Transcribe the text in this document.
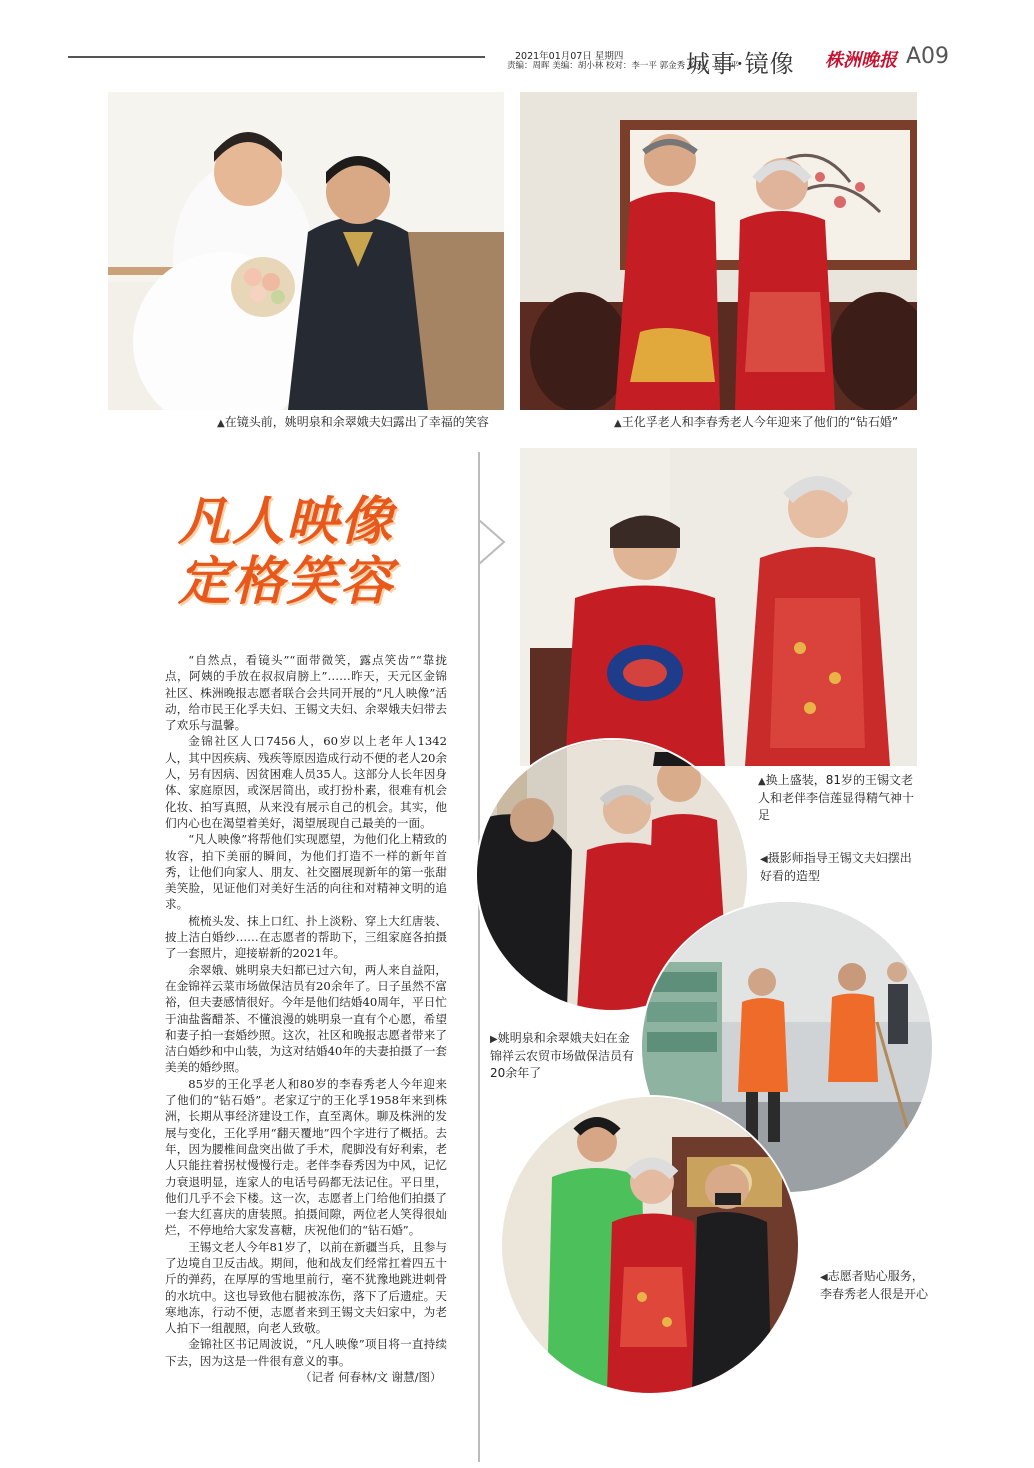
2021年01月07日 星期四
责编：周晖 美编：胡小林 校对：李一平 郭金秀 校对：袁一平
城事·镜像 株洲晚报 A09
▲在镜头前，姚明泉和余翠娥夫妇露出了幸福的笑容	▲王化孚老人和李春秀老人今年迎来了他们的“钻石婚”
凡人映像
定格笑容

“自然点，看镜头”“面带微笑，露点笑齿”“靠拢点，阿姨的手放在叔叔肩膀上”……昨天，天元区金锦社区、株洲晚报志愿者联合会共同开展的“凡人映像”活动，给市民王化孚夫妇、王锡文夫妇、余翠娥夫妇带去了欢乐与温馨。

金锦社区人口7456人，60岁以上老年人1342人，其中因疾病、残疾等原因造成行动不便的老人20余人，另有因病、因贫困难人员35人。这部分人长年因身体、家庭原因，或深居简出，或打扮朴素，很难有机会化妆、拍写真照，从来没有展示自己的机会。其实，他们内心也在渴望着美好，渴望展现自己最美的一面。

“凡人映像”将帮他们实现愿望，为他们化上精致的妆容，拍下美丽的瞬间，为他们打造不一样的新年首秀，让他们向家人、朋友、社交圈展现新年的第一张甜美笑脸，见证他们对美好生活的向往和对精神文明的追求。

梳梳头发、抹上口红、扑上淡粉、穿上大红唐装、披上洁白婚纱……在志愿者的帮助下，三组家庭各拍摄了一套照片，迎接崭新的2021年。

余翠娥、姚明泉夫妇都已过六旬，两人来自益阳，在金锦祥云菜市场做保洁员有20余年了。日子虽然不富裕，但夫妻感情很好。今年是他们结婚40周年，平日忙于油盐酱醋茶、不懂浪漫的姚明泉一直有个心愿，希望和妻子拍一套婚纱照。这次，社区和晚报志愿者带来了洁白婚纱和中山装，为这对结婚40年的夫妻拍摄了一套美美的婚纱照。

85岁的王化孚老人和80岁的李春秀老人今年迎来了他们的“钻石婚”。老家辽宁的王化孚1958年来到株洲，长期从事经济建设工作，直至离休。聊及株洲的发展与变化，王化孚用“翻天覆地”四个字进行了概括。去年，因为腰椎间盘突出做了手术，爬脚没有好利索，老人只能拄着拐杖慢慢行走。老伴李春秀因为中风，记忆力衰退明显，连家人的电话号码都无法记住。平日里，他们几乎不会下楼。这一次，志愿者上门给他们拍摄了一套大红喜庆的唐装照。拍摄间隙，两位老人笑得很灿烂，不停地给大家发喜糖，庆祝他们的“钻石婚”。

王锡文老人今年81岁了，以前在新疆当兵，且参与了边境自卫反击战。期间，他和战友们经常扛着四五十斤的弹药，在厚厚的雪地里前行，毫不犹豫地跳进刺骨的水坑中。这也导致他右腿被冻伤，落下了后遗症。天寒地冻，行动不便，志愿者来到王锡文夫妇家中，为老人拍下一组靓照，向老人致敬。

金锦社区书记周波说，“凡人映像”项目将一直持续下去，因为这是一件很有意义的事。

（记者 何春林/文 谢慧/图）
▲换上盛装，81岁的王锡文老人和老伴李信莲显得精气神十足
◀摄影师指导王锡文夫妇摆出好看的造型
▶姚明泉和余翠娥夫妇在金锦祥云农贸市场做保洁员有20余年了
◀志愿者贴心服务，李春秀老人很是开心
